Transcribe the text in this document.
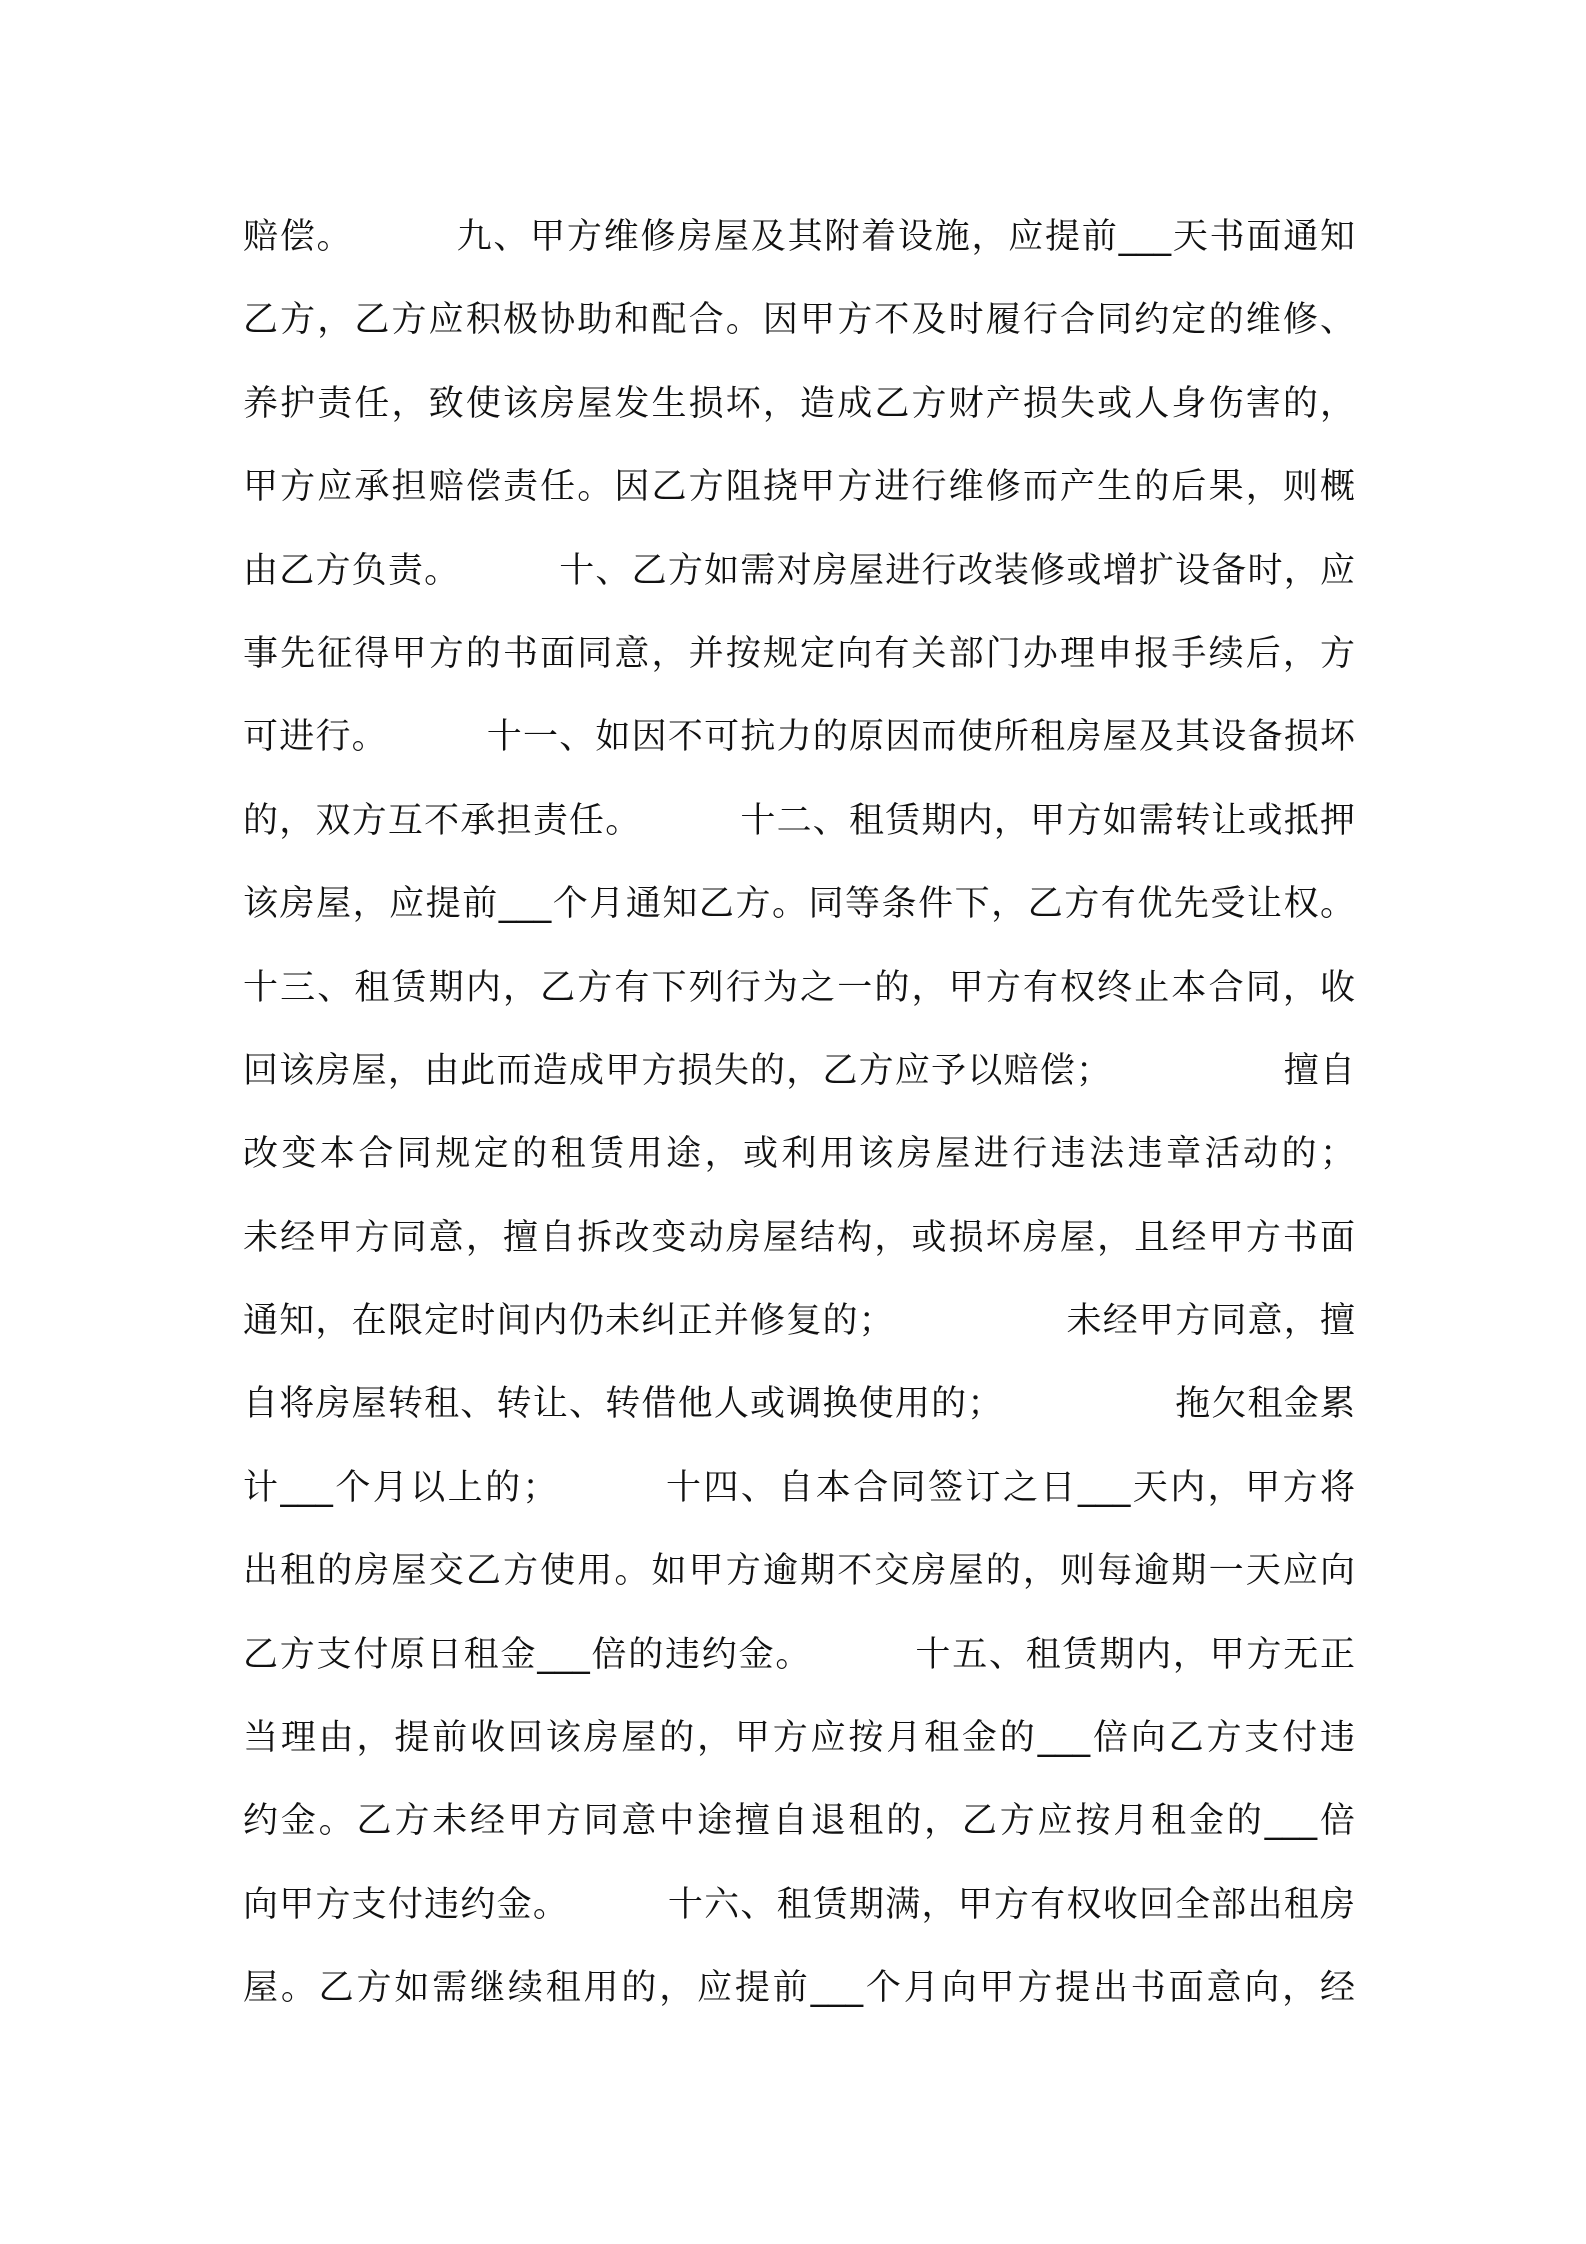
赔偿。        九、甲方维修房屋及其附着设施，应提前___天书面通知
乙方，乙方应积极协助和配合。因甲方不及时履行合同约定的维修、
养护责任，致使该房屋发生损坏，造成乙方财产损失或人身伤害的，
甲方应承担赔偿责任。因乙方阻挠甲方进行维修而产生的后果，则概
由乙方负责。        十、乙方如需对房屋进行改装修或增扩设备时，应
事先征得甲方的书面同意，并按规定向有关部门办理申报手续后，方
可进行。        十一、如因不可抗力的原因而使所租房屋及其设备损坏
的，双方互不承担责任。        十二、租赁期内，甲方如需转让或抵押
该房屋，应提前___个月通知乙方。同等条件下，乙方有优先受让权。
十三、租赁期内，乙方有下列行为之一的，甲方有权终止本合同，收
回该房屋，由此而造成甲方损失的，乙方应予以赔偿；              擅自
改变本合同规定的租赁用途，或利用该房屋进行违法违章活动的；
未经甲方同意，擅自拆改变动房屋结构，或损坏房屋，且经甲方书面
通知，在限定时间内仍未纠正并修复的；              未经甲方同意，擅
自将房屋转租、转让、转借他人或调换使用的；              拖欠租金累
计___个月以上的；        十四、自本合同签订之日___天内，甲方将
出租的房屋交乙方使用。如甲方逾期不交房屋的，则每逾期一天应向
乙方支付原日租金___倍的违约金。        十五、租赁期内，甲方无正
当理由，提前收回该房屋的，甲方应按月租金的___倍向乙方支付违
约金。乙方未经甲方同意中途擅自退租的，乙方应按月租金的___倍
向甲方支付违约金。        十六、租赁期满，甲方有权收回全部出租房
屋。乙方如需继续租用的，应提前___个月向甲方提出书面意向，经
